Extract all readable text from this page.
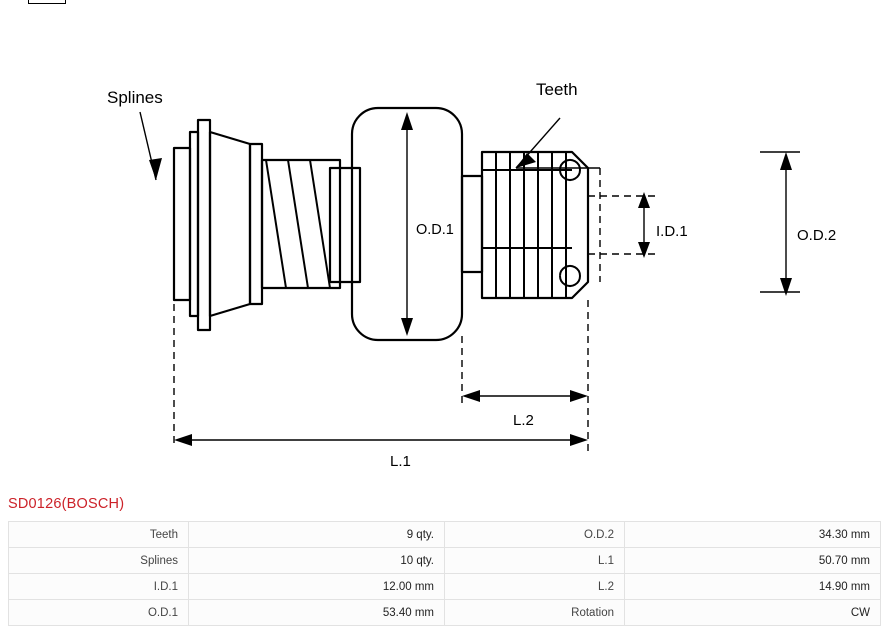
Splines	Teeth
O.D.1	I.D.1	O.D.2
L.2
L.1
SD0126(BOSCH)
Teeth	9 qty.	O.D.2	34.30 mm
Splines	10 qty.	L.1	50.70 mm
I.D.1	12.00 mm	L.2	14.90 mm
O.D.1	53.40 mm	Rotation	CW
